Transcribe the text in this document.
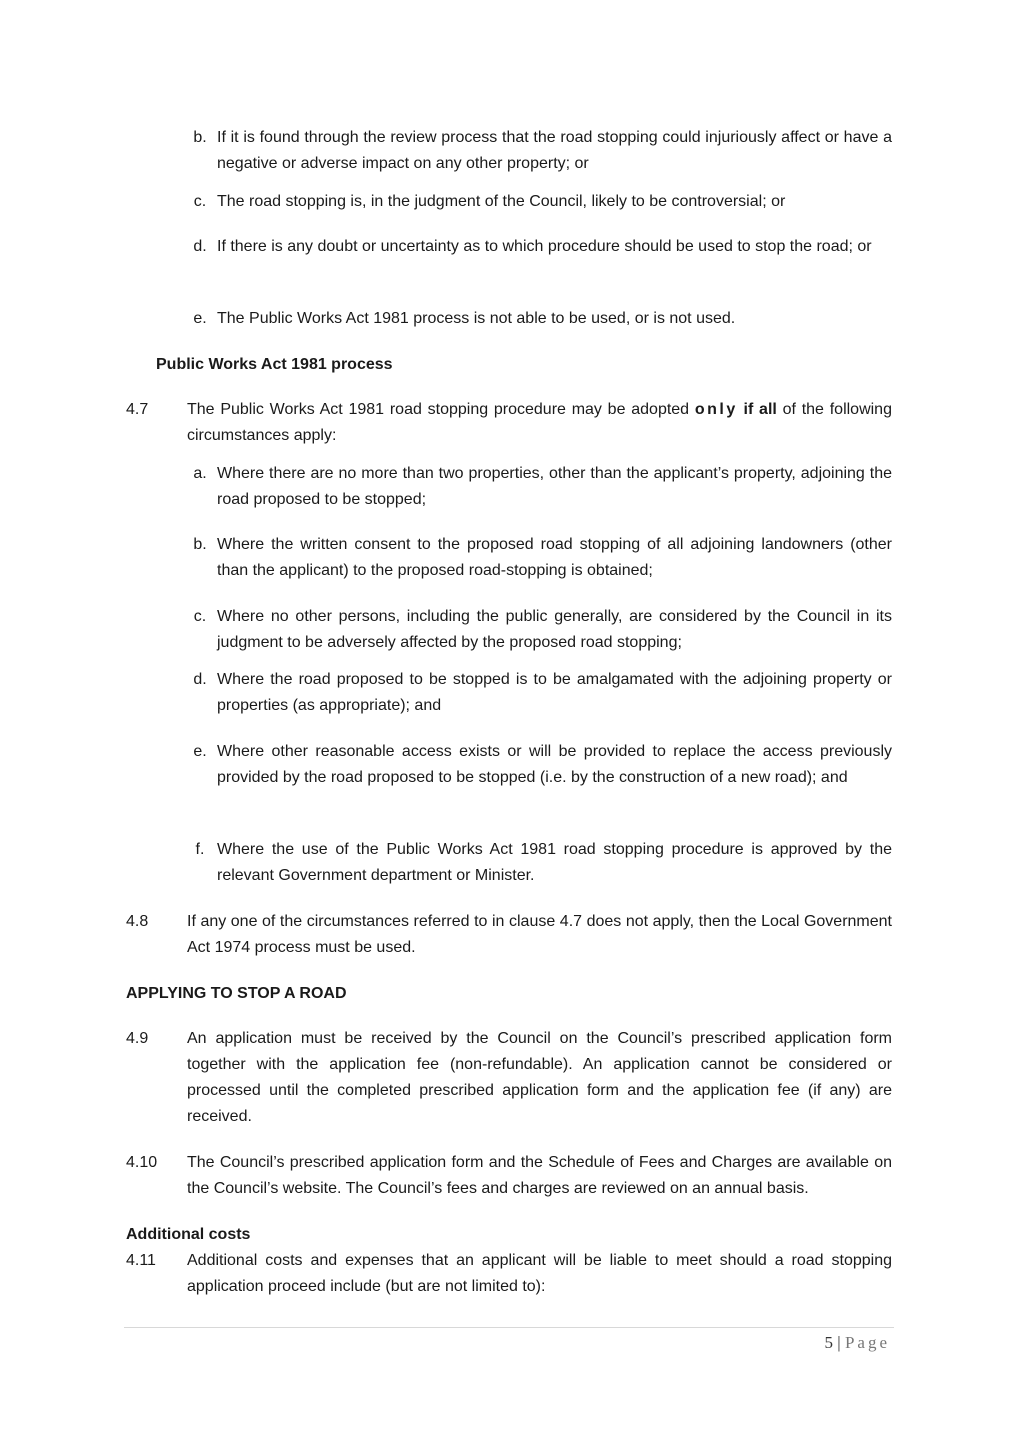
b. If it is found through the review process that the road stopping could injuriously affect or have a negative or adverse impact on any other property; or
c. The road stopping is, in the judgment of the Council, likely to be controversial; or
d. If there is any doubt or uncertainty as to which procedure should be used to stop the road; or
e. The Public Works Act 1981 process is not able to be used, or is not used.
Public Works Act 1981 process
4.7 The Public Works Act 1981 road stopping procedure may be adopted only if all of the following circumstances apply:
a. Where there are no more than two properties, other than the applicant’s property, adjoining the road proposed to be stopped;
b. Where the written consent to the proposed road stopping of all adjoining landowners (other than the applicant) to the proposed road-stopping is obtained;
c. Where no other persons, including the public generally, are considered by the Council in its judgment to be adversely affected by the proposed road stopping;
d. Where the road proposed to be stopped is to be amalgamated with the adjoining property or properties (as appropriate); and
e. Where other reasonable access exists or will be provided to replace the access previously provided by the road proposed to be stopped (i.e. by the construction of a new road); and
f. Where the use of the Public Works Act 1981 road stopping procedure is approved by the relevant Government department or Minister.
4.8 If any one of the circumstances referred to in clause 4.7 does not apply, then the Local Government Act 1974 process must be used.
APPLYING TO STOP A ROAD
4.9 An application must be received by the Council on the Council’s prescribed application form together with the application fee (non-refundable). An application cannot be considered or processed until the completed prescribed application form and the application fee (if any) are received.
4.10 The Council’s prescribed application form and the Schedule of Fees and Charges are available on the Council’s website. The Council’s fees and charges are reviewed on an annual basis.
Additional costs
4.11 Additional costs and expenses that an applicant will be liable to meet should a road stopping application proceed include (but are not limited to):
5 | Page
